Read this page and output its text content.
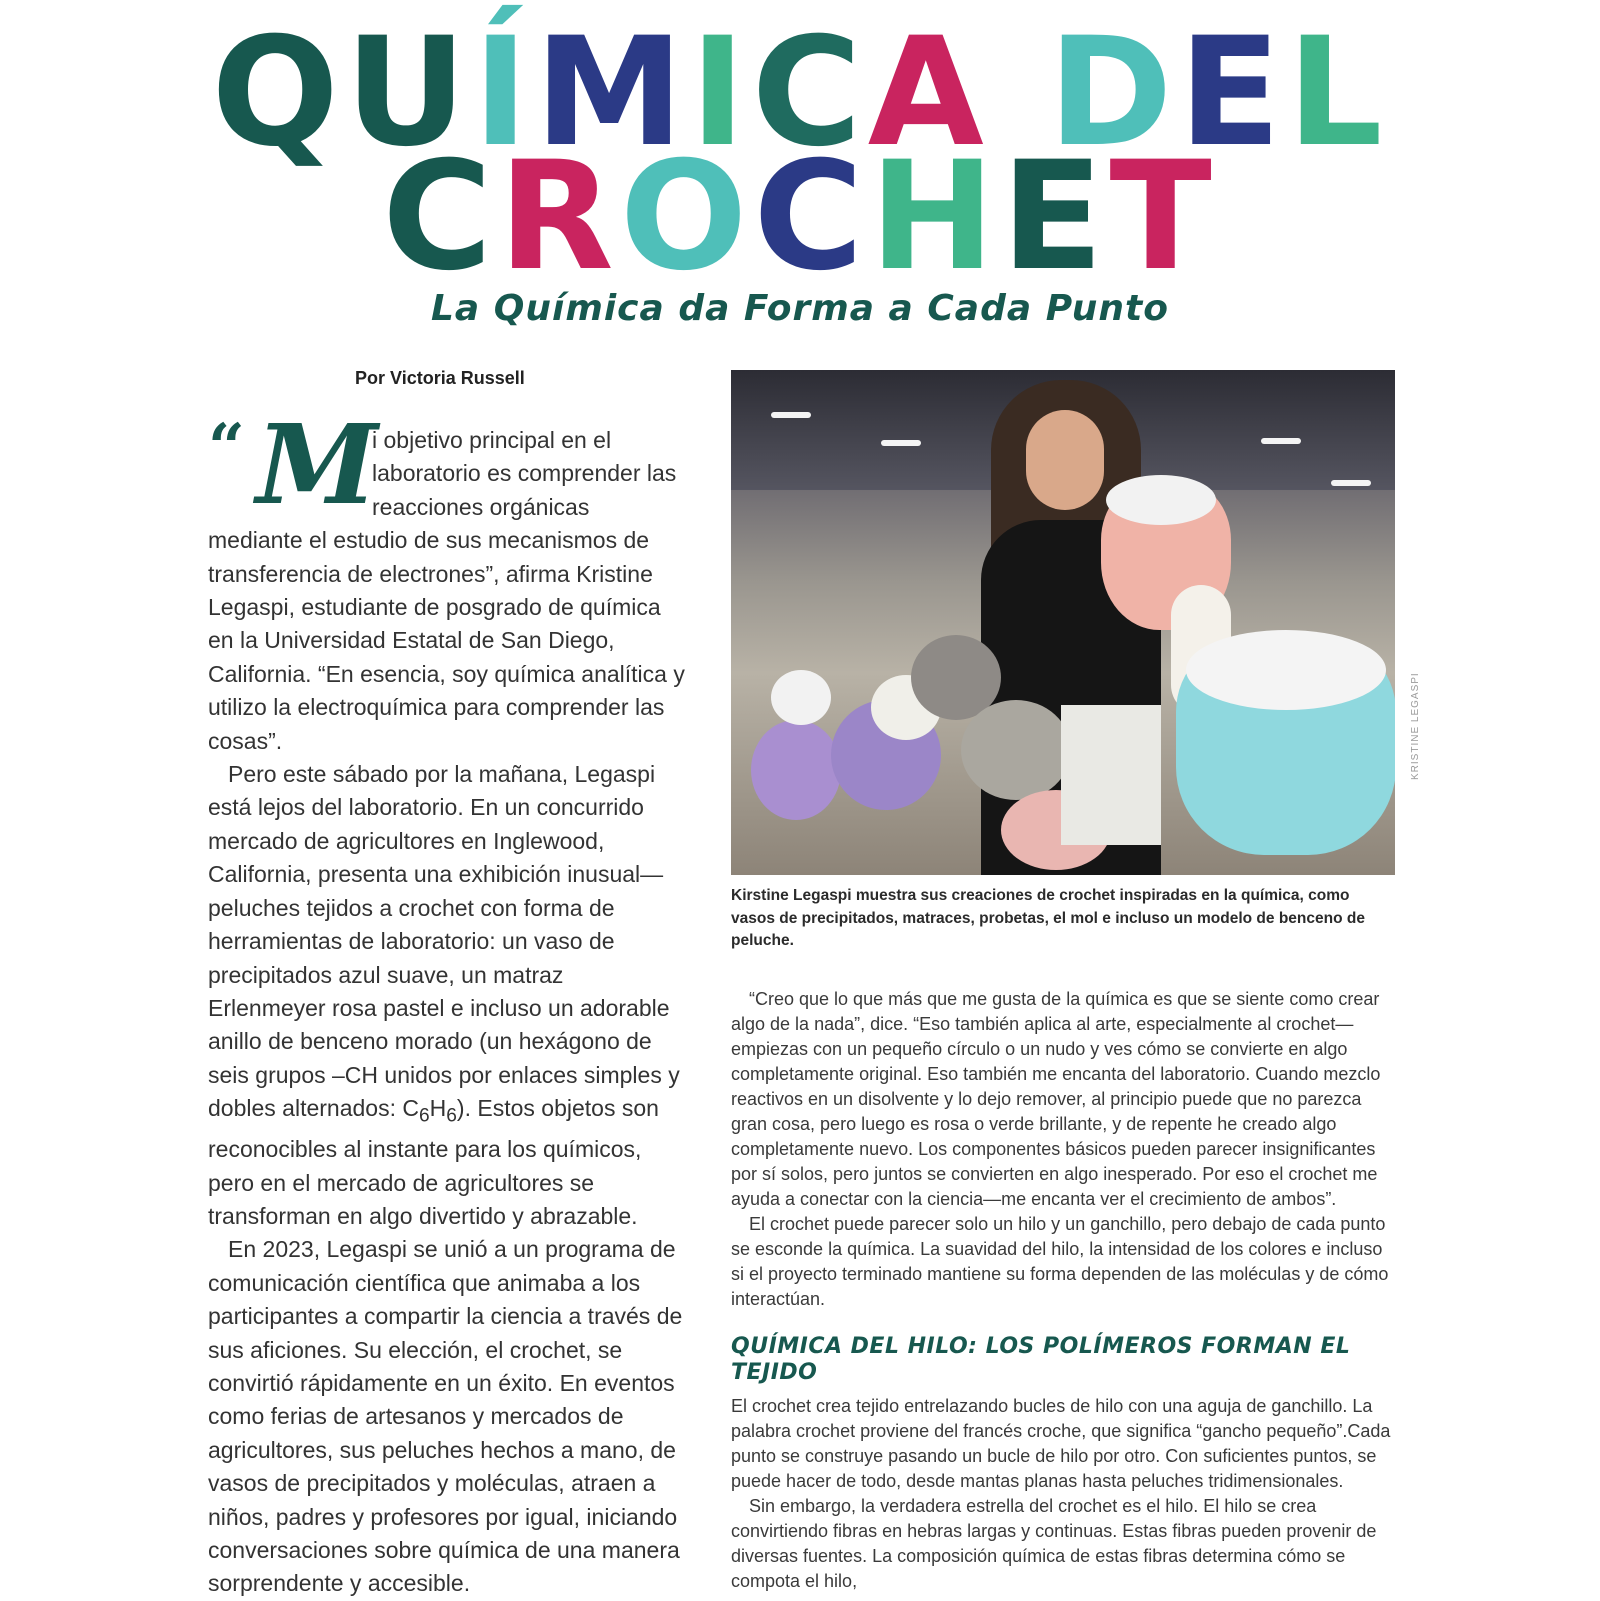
QUÍMICA DEL
CROCHET
La Química da Forma a Cada Punto
Por Victoria Russell

“ M
i objetivo principal en el laboratorio es comprender las reacciones orgánicas mediante el estudio de sus mecanismos de transferencia de electrones”, afirma Kristine Legaspi, estudiante de posgrado de química en la Universidad Estatal de San Diego, California. “En esencia, soy química analítica y utilizo la electroquímica para comprender las cosas”.

Pero este sábado por la mañana, Legaspi está lejos del laboratorio. En un concurrido mercado de agricultores en Inglewood, California, presenta una exhibición inusual—peluches tejidos a crochet con forma de herramientas de laboratorio: un vaso de precipitados azul suave, un matraz Erlenmeyer rosa pastel e incluso un adorable anillo de benceno morado (un hexágono de seis grupos –CH unidos por enlaces simples y dobles alternados: $C_6H_6$). Estos objetos son reconocibles al instante para los químicos, pero en el mercado de agricultores se transforman en algo divertido y abrazable.

En 2023, Legaspi se unió a un programa de comunicación científica que animaba a los participantes a compartir la ciencia a través de sus aficiones. Su elección, el crochet, se convirtió rápidamente en un éxito. En eventos como ferias de artesanos y mercados de agricultores, sus peluches hechos a mano, de vasos de precipitados y moléculas, atraen a niños, padres y profesores por igual, iniciando conversaciones sobre química de una manera sorprendente y accesible.

KRISTINE LEGASPI
Kirstine Legaspi muestra sus creaciones de crochet inspiradas en la química, como vasos de precipitados, matraces, probetas, el mol e incluso un modelo de benceno de peluche.

“Creo que lo que más que me gusta de la química es que se siente como crear algo de la nada”, dice. “Eso también aplica al arte, especialmente al crochet—empiezas con un pequeño círculo o un nudo y ves cómo se convierte en algo completamente original. Eso también me encanta del laboratorio. Cuando mezclo reactivos en un disolvente y lo dejo remover, al principio puede que no parezca gran cosa, pero luego es rosa o verde brillante, y de repente he creado algo completamente nuevo. Los componentes básicos pueden parecer insignificantes por sí solos, pero juntos se convierten en algo inesperado. Por eso el crochet me ayuda a conectar con la ciencia—me encanta ver el crecimiento de ambos”.

El crochet puede parecer solo un hilo y un ganchillo, pero debajo de cada punto se esconde la química. La suavidad del hilo, la intensidad de los colores e incluso si el proyecto terminado mantiene su forma dependen de las moléculas y de cómo interactúan.

QUÍMICA DEL HILO: LOS POLÍMEROS FORMAN EL TEJIDO

El crochet crea tejido entrelazando bucles de hilo con una aguja de ganchillo. La palabra crochet proviene del francés croche, que significa “gancho pequeño”.Cada punto se construye pasando un bucle de hilo por otro. Con suficientes puntos, se puede hacer de todo, desde mantas planas hasta peluches tridimensionales.

Sin embargo, la verdadera estrella del crochet es el hilo. El hilo se crea convirtiendo fibras en hebras largas y continuas. Estas fibras pueden provenir de diversas fuentes. La composición química de estas fibras determina cómo se compota el hilo,
